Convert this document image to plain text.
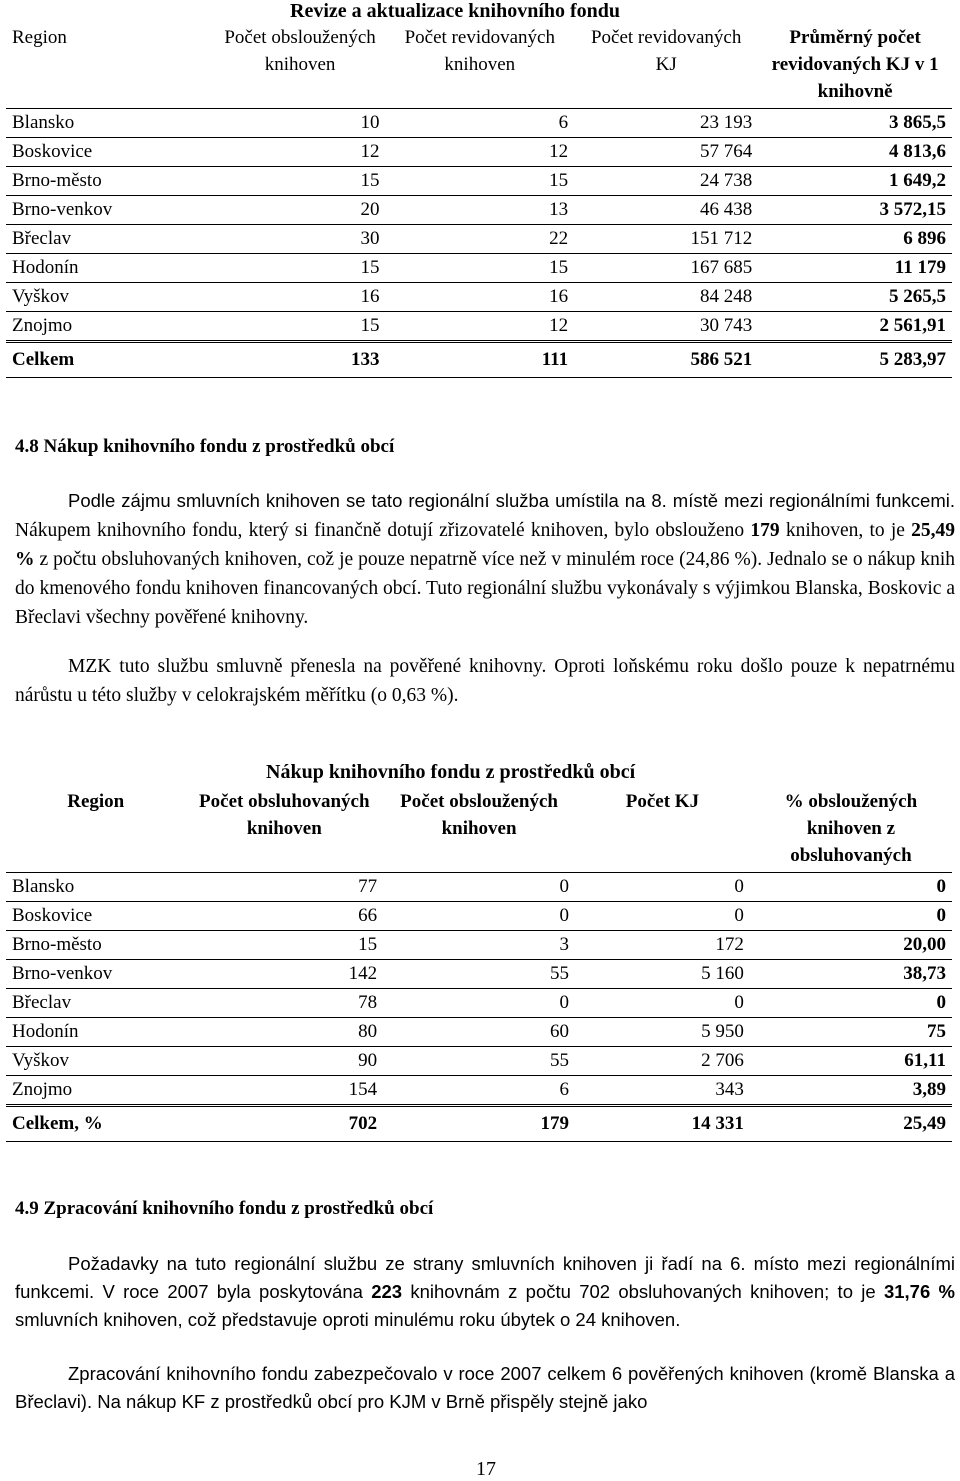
Revize a aktualizace knihovního fondu
Region	Počet obsloužených knihoven	Počet revidovaných knihoven	Počet revidovaných KJ	Průměrný počet revidovaných KJ v 1 knihovně
Blansko	10	6	23 193	3 865,5
Boskovice	12	12	57 764	4 813,6
Brno-město	15	15	24 738	1 649,2
Brno-venkov	20	13	46 438	3 572,15
Břeclav	30	22	151 712	6 896
Hodonín	15	15	167 685	11 179
Vyškov	16	16	84 248	5 265,5
Znojmo	15	12	30 743	2 561,91
Celkem	133	111	586 521	5 283,97
4.8 Nákup knihovního fondu z prostředků obcí
Podle zájmu smluvních knihoven se tato regionální služba umístila na 8. místě mezi regionálními funkcemi. Nákupem knihovního fondu, který si finančně dotují zřizovatelé knihoven, bylo obslouženo 179 knihoven, to je 25,49 % z počtu obsluhovaných knihoven, což je pouze nepatrně více než v minulém roce (24,86 %). Jednalo se o nákup knih do kmenového fondu knihoven financovaných obcí. Tuto regionální službu vykonávaly s výjimkou Blanska, Boskovic a Břeclavi všechny pověřené knihovny.
MZK tuto službu smluvně přenesla na pověřené knihovny. Oproti loňskému roku došlo pouze k nepatrnému nárůstu u této služby v celokrajském měřítku (o 0,63 %).
Nákup knihovního fondu z prostředků obcí
Region	Počet obsluhovaných knihoven	Počet obsloužených knihoven	Počet KJ	% obsloužených knihoven z obsluhovaných
Blansko	77	0	0	0
Boskovice	66	0	0	0
Brno-město	15	3	172	20,00
Brno-venkov	142	55	5 160	38,73
Břeclav	78	0	0	0
Hodonín	80	60	5 950	75
Vyškov	90	55	2 706	61,11
Znojmo	154	6	343	3,89
Celkem, %	702	179	14 331	25,49
4.9 Zpracování knihovního fondu z prostředků obcí
Požadavky na tuto regionální službu ze strany smluvních knihoven ji řadí na 6. místo mezi regionálními funkcemi. V roce 2007 byla poskytována 223 knihovnám z počtu 702 obsluhovaných knihoven; to je 31,76 % smluvních knihoven, což představuje oproti minulému roku úbytek o 24 knihoven.
Zpracování knihovního fondu zabezpečovalo v roce 2007 celkem 6 pověřených knihoven (kromě Blanska a Břeclavi). Na nákup KF z prostředků obcí pro KJM v Brně přispěly stejně jako
17
